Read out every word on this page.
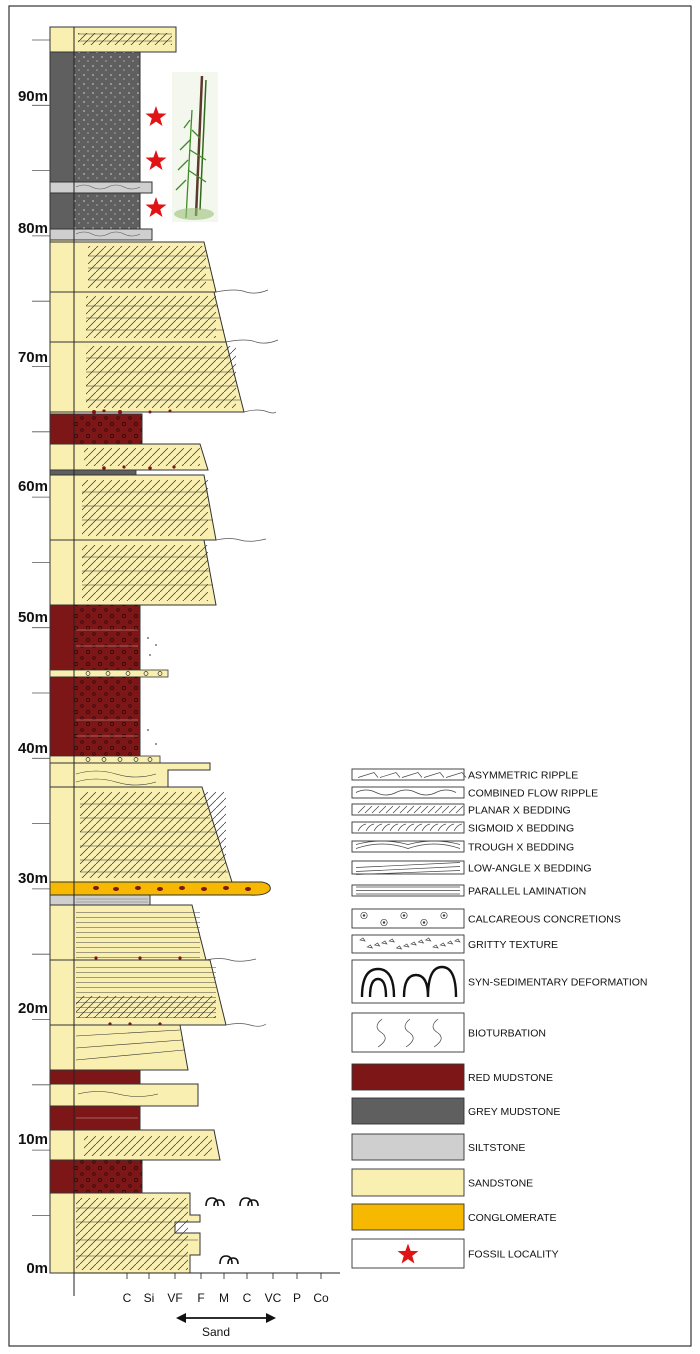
90m
80m
70m
60m
50m
40m
30m
20m
10m
0m
C Si VF F M C VC P Co
Sand
ASYMMETRIC RIPPLE
COMBINED FLOW RIPPLE
PLANAR X BEDDING
SIGMOID X BEDDING
TROUGH X BEDDING
LOW-ANGLE X BEDDING
PARALLEL LAMINATION
CALCAREOUS CONCRETIONS
GRITTY TEXTURE
SYN-SEDIMENTARY DEFORMATION
BIOTURBATION
RED MUDSTONE
GREY MUDSTONE
SILTSTONE
SANDSTONE
CONGLOMERATE
FOSSIL LOCALITY
